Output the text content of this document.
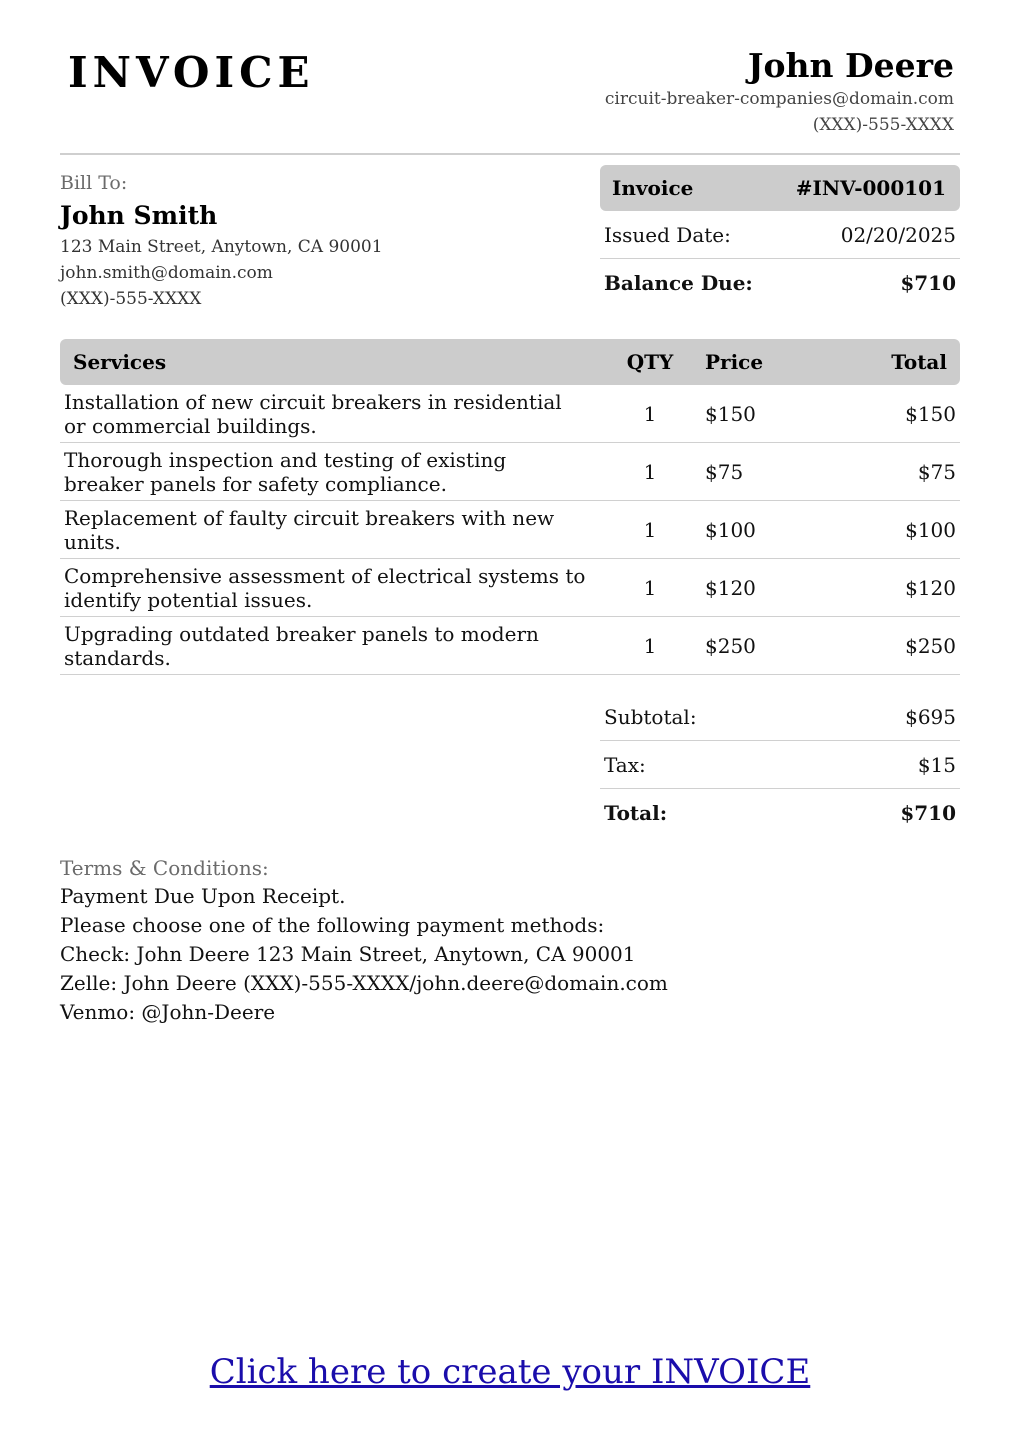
INVOICE	John Deere
circuit-breaker-companies@domain.com
(XXX)-555-XXXX
Bill To:
John Smith
123 Main Street, Anytown, CA 90001
john.smith@domain.com
(XXX)-555-XXXX
Invoice	#INV-000101
Issued Date:	02/20/2025
Balance Due:	$710
Services	QTY	Price	Total
Installation of new circuit breakers in residential or commercial buildings.	1	$150	$150
Thorough inspection and testing of existing breaker panels for safety compliance.	1	$75	$75
Replacement of faulty circuit breakers with new units.	1	$100	$100
Comprehensive assessment of electrical systems to identify potential issues.	1	$120	$120
Upgrading outdated breaker panels to modern standards.	1	$250	$250
Subtotal:	$695
Tax:	$15
Total:	$710
Terms & Conditions:
Payment Due Upon Receipt.
Please choose one of the following payment methods:
Check: John Deere 123 Main Street, Anytown, CA 90001
Zelle: John Deere (XXX)-555-XXXX/john.deere@domain.com
Venmo: @John-Deere
Click here to create your INVOICE
